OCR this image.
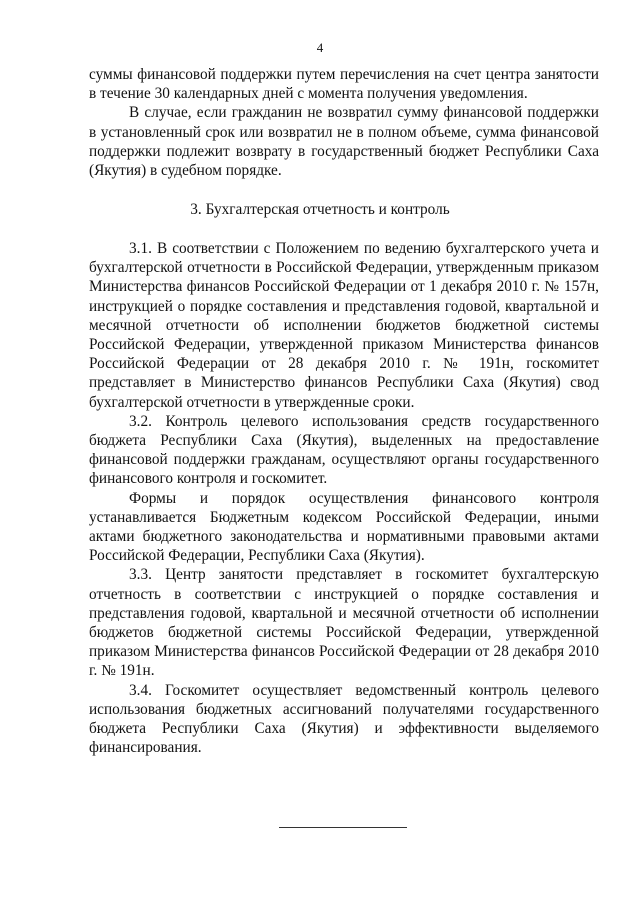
4

суммы финансовой поддержки путем перечисления на счет центра занятости в течение 30 календарных дней с момента получения уведомления.

В случае, если гражданин не возвратил сумму финансовой поддержки в установленный срок или возвратил не в полном объеме, сумма финансовой поддержки подлежит возврату в государственный бюджет Республики Саха (Якутия) в судебном порядке.

3. Бухгалтерская отчетность и контроль

3.1. В соответствии с Положением по ведению бухгалтерского учета и бухгалтерской отчетности в Российской Федерации, утвержденным приказом Министерства финансов Российской Федерации от 1 декабря 2010 г. № 157н, инструкцией о порядке составления и представления годовой, квартальной и месячной отчетности об исполнении бюджетов бюджетной системы Российской Федерации, утвержденной приказом Министерства финансов Российской Федерации от 28 декабря 2010 г. № 191н, госкомитет представляет в Министерство финансов Республики Саха (Якутия) свод бухгалтерской отчетности в утвержденные сроки.

3.2. Контроль целевого использования средств государственного бюджета Республики Саха (Якутия), выделенных на предоставление финансовой поддержки гражданам, осуществляют органы государственного финансового контроля и госкомитет.

Формы и порядок осуществления финансового контроля устанавливается Бюджетным кодексом Российской Федерации, иными актами бюджетного законодательства и нормативными правовыми актами Российской Федерации, Республики Саха (Якутия).

3.3. Центр занятости представляет в госкомитет бухгалтерскую отчетность в соответствии с инструкцией о порядке составления и представления годовой, квартальной и месячной отчетности об исполнении бюджетов бюджетной системы Российской Федерации, утвержденной приказом Министерства финансов Российской Федерации от 28 декабря 2010 г. № 191н.

3.4. Госкомитет осуществляет ведомственный контроль целевого использования бюджетных ассигнований получателями государственного бюджета Республики Саха (Якутия) и эффективности выделяемого финансирования.
